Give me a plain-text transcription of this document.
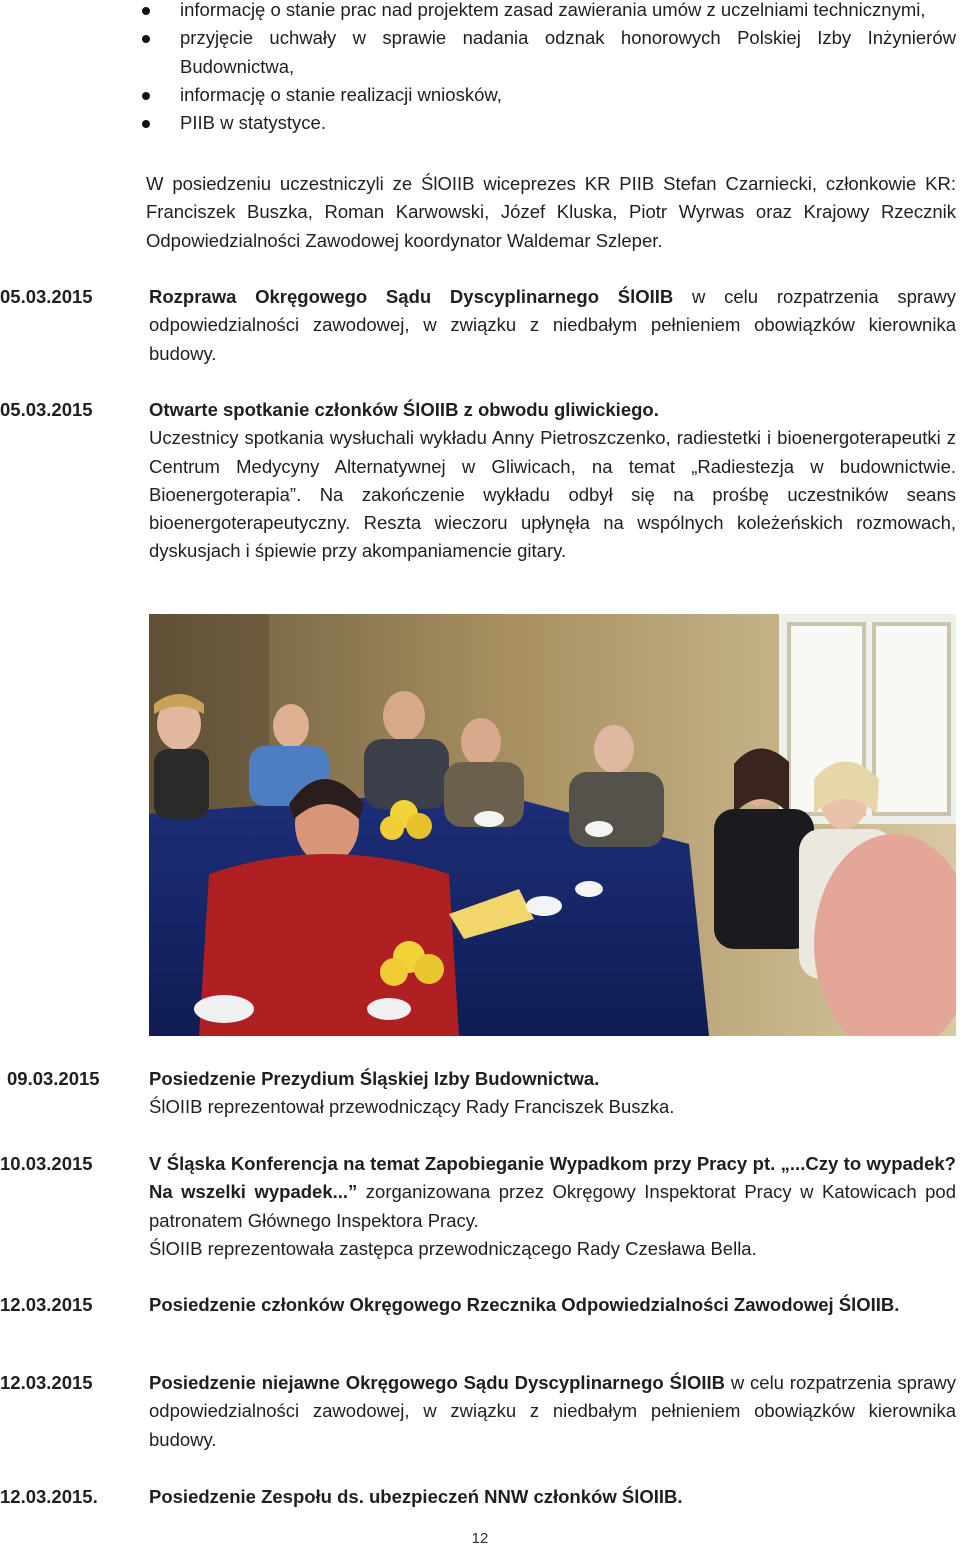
informację o stanie prac nad projektem zasad zawierania umów z uczelniami technicznymi,
przyjęcie uchwały w sprawie nadania odznak honorowych Polskiej Izby Inżynierów Budownictwa,
informację o stanie realizacji wniosków,
PIIB w statystyce.

W posiedzeniu uczestniczyli ze ŚlOIIB wiceprezes KR PIIB Stefan Czarniecki, członkowie KR: Franciszek Buszka, Roman Karwowski, Józef Kluska, Piotr Wyrwas oraz Krajowy Rzecznik Odpowiedzialności Zawodowej koordynator Waldemar Szleper.

05.03.2015	Rozprawa Okręgowego Sądu Dyscyplinarnego ŚlOIIB w celu rozpatrzenia sprawy odpowiedzialności zawodowej, w związku z niedbałym pełnieniem obowiązków kierownika budowy.

05.03.2015	Otwarte spotkanie członków ŚlOIIB z obwodu gliwickiego.

Uczestnicy spotkania wysłuchali wykładu Anny Pietroszczenko, radiestetki i bioenergoterapeutki z Centrum Medycyny Alternatywnej w Gliwicach, na temat „Radiestezja w budownictwie. Bioenergoterapia”. Na zakończenie wykładu odbył się na prośbę uczestników seans bioenergoterapeutyczny. Reszta wieczoru upłynęła na wspólnych koleżeńskich rozmowach, dyskusjach i śpiewie przy akompaniamencie gitary.

09.03.2015	Posiedzenie Prezydium Śląskiej Izby Budownictwa.

ŚlOIIB reprezentował przewodniczący Rady Franciszek Buszka.

10.03.2015	V Śląska Konferencja na temat Zapobieganie Wypadkom przy Pracy pt. „...Czy to wypadek? Na wszelki wypadek...” zorganizowana przez Okręgowy Inspektorat Pracy w Katowicach pod patronatem Głównego Inspektora Pracy.

ŚlOIIB reprezentowała zastępca przewodniczącego Rady Czesława Bella.

12.03.2015	Posiedzenie członków Okręgowego Rzecznika Odpowiedzialności Zawodowej ŚlOIIB.

12.03.2015	Posiedzenie niejawne Okręgowego Sądu Dyscyplinarnego ŚlOIIB w celu rozpatrzenia sprawy odpowiedzialności zawodowej, w związku z niedbałym pełnieniem obowiązków kierownika budowy.

12.03.2015.	Posiedzenie Zespołu ds. ubezpieczeń NNW członków ŚlOIIB.

12
